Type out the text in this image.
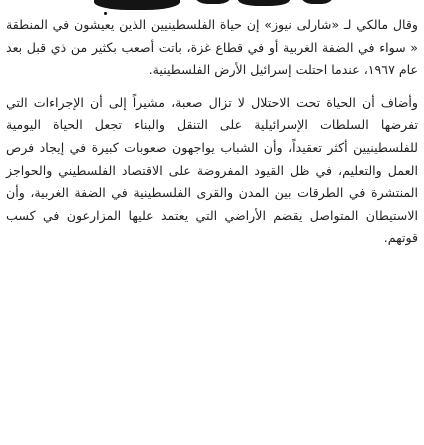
وقال مالكي لـ «شارلى نيوز» إن حياة الفلسطينيين الذين يعيشون في المنطقة « سواء في الضفة الغربية أو في قطاع غزة، باتت أصعب بكثير من ذي قبل بعد عام ١٩٦٧، عندما احتلت إسرائيل الأرض الفلسطينية.

وأضاف أن الحياة تحت الاحتلال لا تزال صعبة، مشيراً إلى أن الإجراءات التي تفرضها السلطات الإسرائيلية على التنقل والبناء تجعل الحياة اليومية للفلسطينيين أكثر تعقيداً، وأن الشباب يواجهون صعوبات كبيرة في إيجاد فرص العمل والتعليم، في ظل القيود المفروضة على الاقتصاد الفلسطيني والحواجز المنتشرة في الطرقات بين المدن والقرى الفلسطينية في الضفة الغربية، وأن الاستيطان المتواصل يقضم الأراضي التي يعتمد عليها المزارعون في كسب قوتهم.
